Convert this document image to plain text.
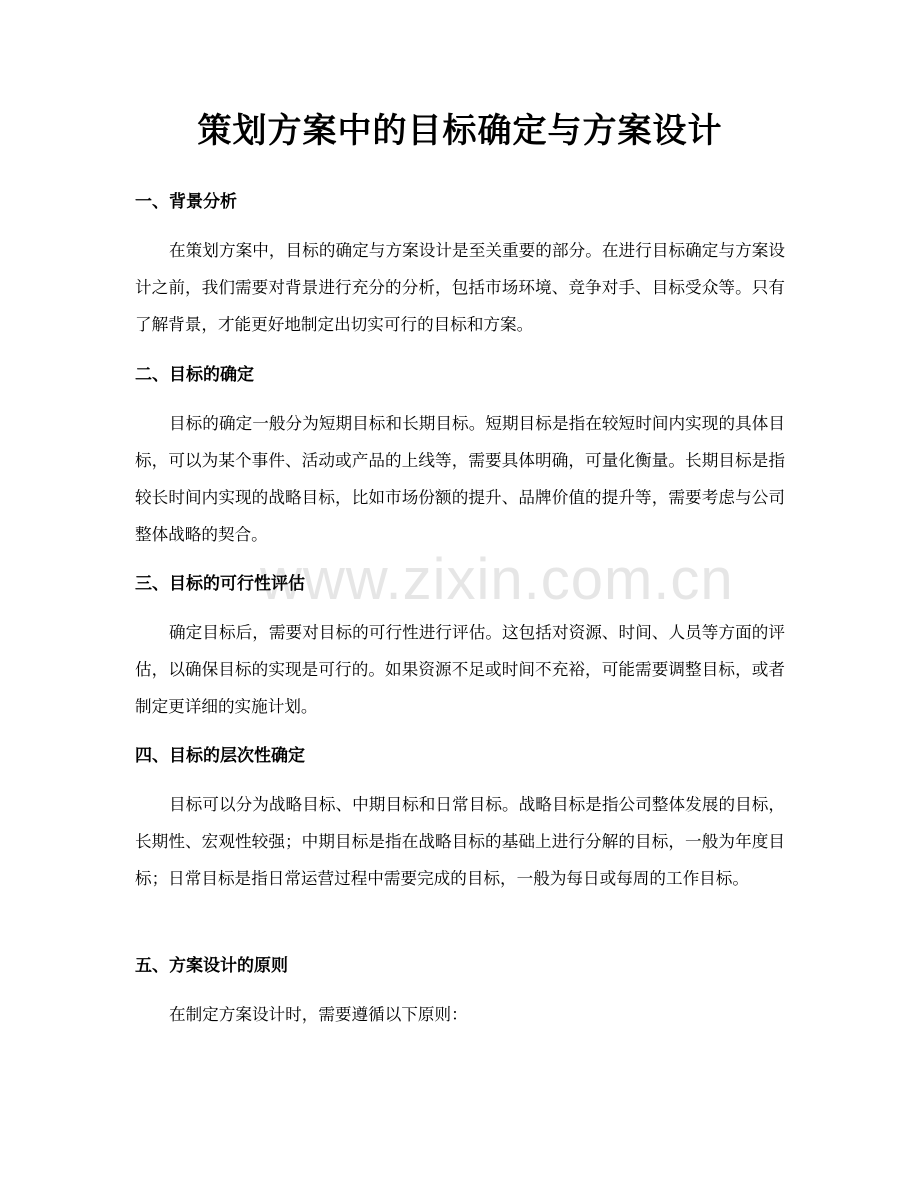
www.zixin.com.cn
策划方案中的目标确定与方案设计
一、背景分析

在策划方案中，目标的确定与方案设计是至关重要的部分。在进行目标确定与方案设计之前，我们需要对背景进行充分的分析，包括市场环境、竞争对手、目标受众等。只有了解背景，才能更好地制定出切实可行的目标和方案。

二、目标的确定

目标的确定一般分为短期目标和长期目标。短期目标是指在较短时间内实现的具体目标，可以为某个事件、活动或产品的上线等，需要具体明确，可量化衡量。长期目标是指较长时间内实现的战略目标，比如市场份额的提升、品牌价值的提升等，需要考虑与公司整体战略的契合。

三、目标的可行性评估

确定目标后，需要对目标的可行性进行评估。这包括对资源、时间、人员等方面的评估，以确保目标的实现是可行的。如果资源不足或时间不充裕，可能需要调整目标，或者制定更详细的实施计划。

四、目标的层次性确定

目标可以分为战略目标、中期目标和日常目标。战略目标是指公司整体发展的目标，长期性、宏观性较强；中期目标是指在战略目标的基础上进行分解的目标，一般为年度目标；日常目标是指日常运营过程中需要完成的目标，一般为每日或每周的工作目标。

五、方案设计的原则

在制定方案设计时，需要遵循以下原则：
